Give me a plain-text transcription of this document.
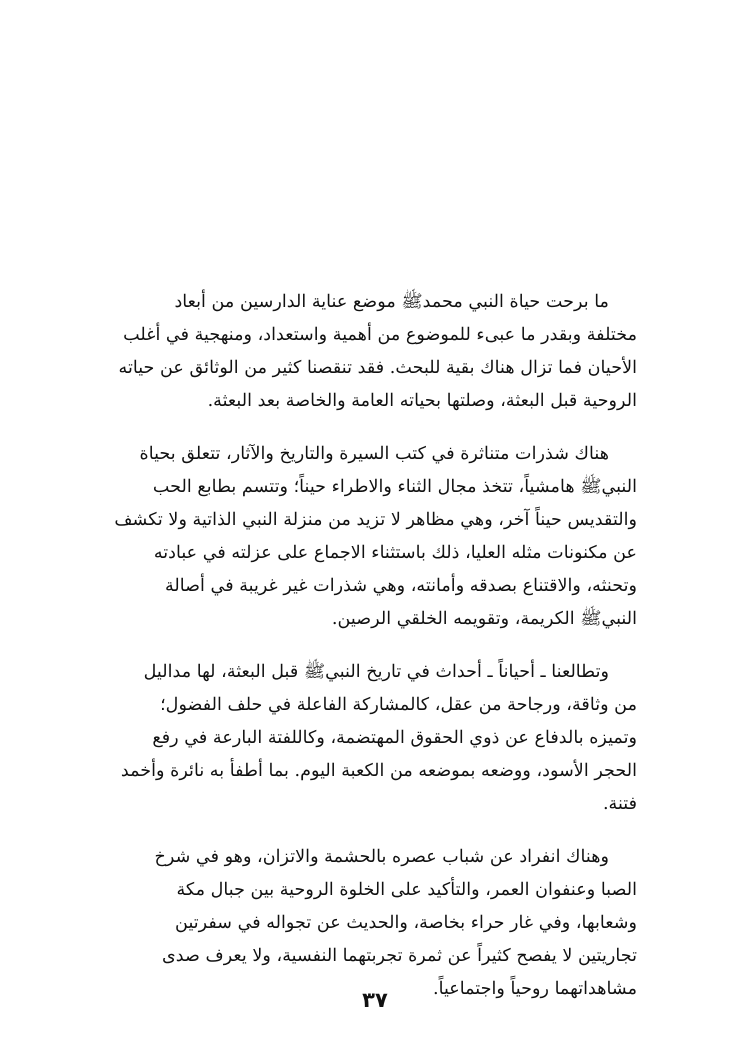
ما برحت حياة النبي محمدﷺ موضع عناية الدارسين من أبعاد
مختلفة وبقدر ما عبىء للموضوع من أهمية واستعداد، ومنهجية في أغلب
الأحيان فما تزال هناك بقية للبحث. فقد تنقصنا كثير من الوثائق عن حياته
الروحية قبل البعثة، وصلتها بحياته العامة والخاصة بعد البعثة.

هناك شذرات متناثرة في كتب السيرة والتاريخ والآثار، تتعلق بحياة
النبيﷺ هامشياً، تتخذ مجال الثناء والاطراء حيناً؛ وتتسم بطابع الحب
والتقديس حيناً آخر، وهي مظاهر لا تزيد من منزلة النبي الذاتية ولا تكشف
عن مكنونات مثله العليا، ذلك باستثناء الاجماع على عزلته في عبادته
وتحنثه، والاقتناع بصدقه وأمانته، وهي شذرات غير غريبة في أصالة
النبيﷺ الكريمة، وتقويمه الخلقي الرصين.

وتطالعنا ـ أحياناً ـ أحداث في تاريخ النبيﷺ قبل البعثة، لها مداليل
من وثاقة، ورجاحة من عقل، كالمشاركة الفاعلة في حلف الفضول؛
وتميزه بالدفاع عن ذوي الحقوق المهتضمة، وكاللفتة البارعة في رفع
الحجر الأسود، ووضعه بموضعه من الكعبة اليوم. بما أطفأ به نائرة وأخمد
فتنة.

وهناك انفراد عن شباب عصره بالحشمة والاتزان، وهو في شرخ
الصبا وعنفوان العمر، والتأكيد على الخلوة الروحية بين جبال مكة
وشعابها، وفي غار حراء بخاصة، والحديث عن تجواله في سفرتين
تجاريتين لا يفصح كثيراً عن ثمرة تجربتهما النفسية، ولا يعرف صدى
مشاهداتهما روحياً واجتماعياً.

٣٧
